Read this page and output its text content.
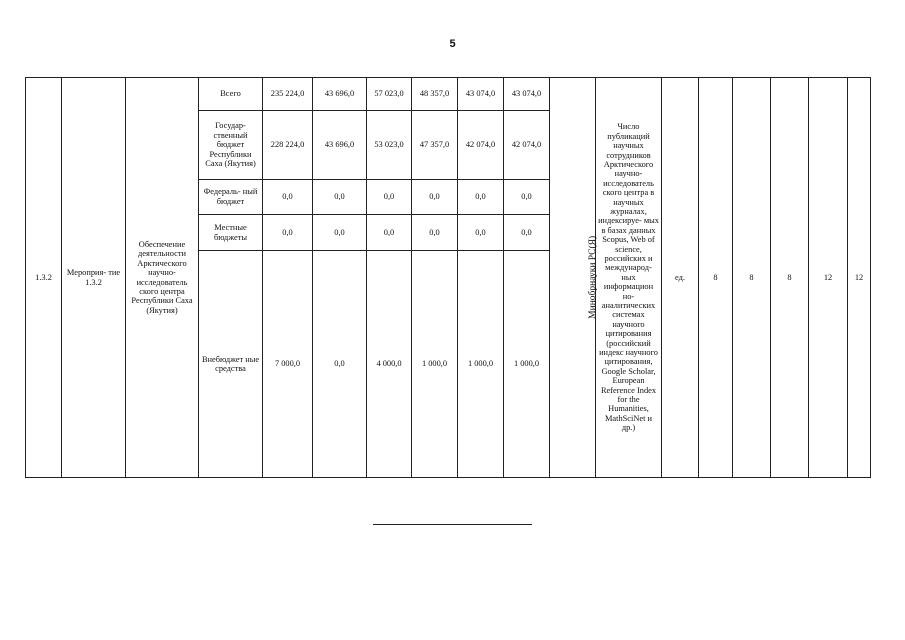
5
1.3.2	Мероприя- тие 1.3.2	Обеспечение деятельности Арктического научно- исследователь ского центра Республики Саха (Якутия)	Всего	235 224,0	43 696,0	57 023,0	48 357,0	43 074,0	43 074,0	Минобрнауки РС(Я)	Число публикаций научных сотрудников Арктического научно- исследователь ского центра в научных журналах, индексируе- мых в базах данных Scopus, Web of science, российских и международ- ных информацион но- аналитических системах научного цитирования (российский индекс научного цитирования, Google Scholar, European Reference Index for the Humanities, MathSciNet и др.)	ед.	8	8	8	12	12
			Государ- ственный бюджет Республики Саха (Якутия)	228 224,0	43 696,0	53 023,0	47 357,0	42 074,0	42 074,0								
			Федераль- ный бюджет	0,0	0,0	0,0	0,0	0,0	0,0								
			Местные бюджеты	0,0	0,0	0,0	0,0	0,0	0,0								
			Внебюджет ные средства	7 000,0	0,0	4 000,0	1 000,0	1 000,0	1 000,0								
